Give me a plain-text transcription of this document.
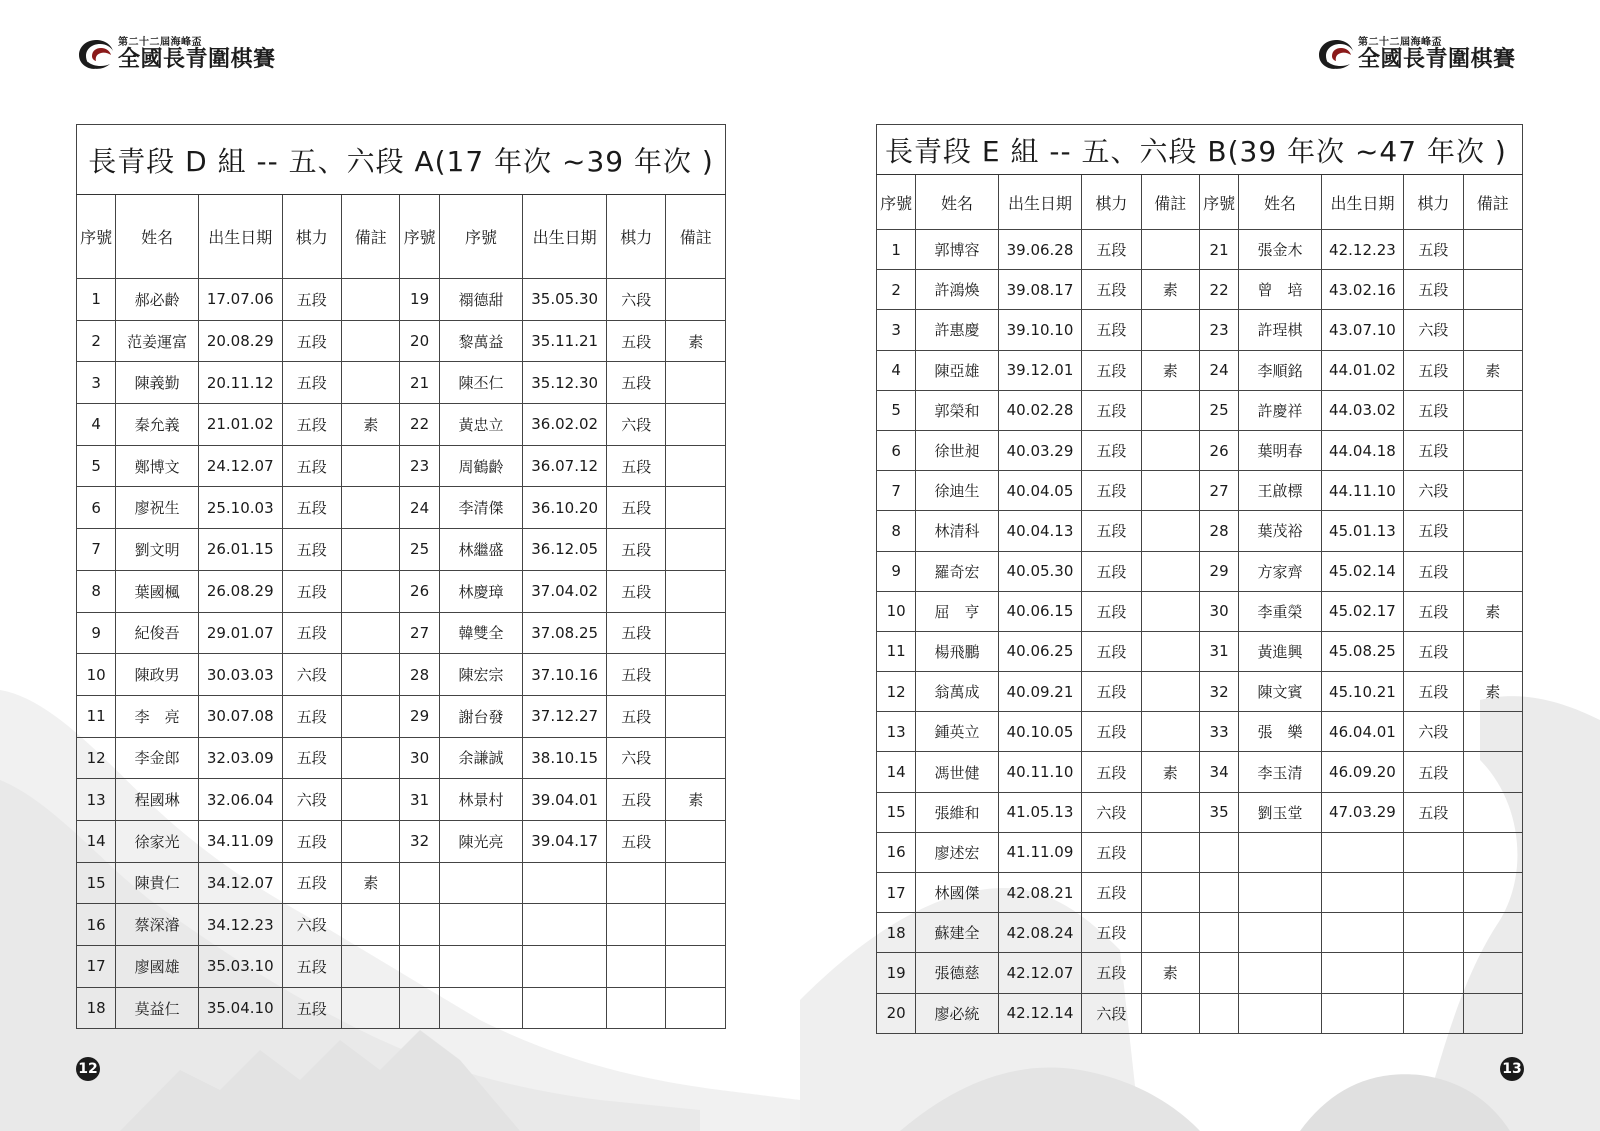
第二十二屆海峰盃
全國長青圍棋賽
長青段 D 組 -- 五、六段 A(17 年次 ~39 年次 )									
序號	姓名	出生日期	棋力	備註	序號	序號	出生日期	棋力	備註
1	郝必齡	17.07.06	五段		19	禤德甜	35.05.30	六段	
2	范姜運富	20.08.29	五段		20	黎萬益	35.11.21	五段	素
3	陳義勤	20.11.12	五段		21	陳丕仁	35.12.30	五段	
4	秦允義	21.01.02	五段	素	22	黃忠立	36.02.02	六段	
5	鄭博文	24.12.07	五段		23	周鶴齡	36.07.12	五段	
6	廖祝生	25.10.03	五段		24	李清傑	36.10.20	五段	
7	劉文明	26.01.15	五段		25	林繼盛	36.12.05	五段	
8	葉國楓	26.08.29	五段		26	林慶璋	37.04.02	五段	
9	紀俊吾	29.01.07	五段		27	韓雙全	37.08.25	五段	
10	陳政男	30.03.03	六段		28	陳宏宗	37.10.16	五段	
11	李　亮	30.07.08	五段		29	謝台發	37.12.27	五段	
12	李金郎	32.03.09	五段		30	余謙誠	38.10.15	六段	
13	程國琳	32.06.04	六段		31	林景村	39.04.01	五段	素
14	徐家光	34.11.09	五段		32	陳光亮	39.04.17	五段	
15	陳貴仁	34.12.07	五段	素					
16	蔡深濬	34.12.23	六段						
17	廖國雄	35.03.10	五段						
18	莫益仁	35.04.10	五段						
12
第二十二屆海峰盃
全國長青圍棋賽
長青段 E 組 -- 五、六段 B(39 年次 ~47 年次 )									
序號	姓名	出生日期	棋力	備註	序號	姓名	出生日期	棋力	備註
1	郭博容	39.06.28	五段		21	張金木	42.12.23	五段	
2	許鴻煥	39.08.17	五段	素	22	曾　培	43.02.16	五段	
3	許惠慶	39.10.10	五段		23	許珵棋	43.07.10	六段	
4	陳亞雄	39.12.01	五段	素	24	李順銘	44.01.02	五段	素
5	郭榮和	40.02.28	五段		25	許慶祥	44.03.02	五段	
6	徐世昶	40.03.29	五段		26	葉明春	44.04.18	五段	
7	徐迪生	40.04.05	五段		27	王啟標	44.11.10	六段	
8	林清科	40.04.13	五段		28	葉茂裕	45.01.13	五段	
9	羅奇宏	40.05.30	五段		29	方家齊	45.02.14	五段	
10	屈　亨	40.06.15	五段		30	李重榮	45.02.17	五段	素
11	楊飛鵬	40.06.25	五段		31	黃進興	45.08.25	五段	
12	翁萬成	40.09.21	五段		32	陳文賓	45.10.21	五段	素
13	鍾英立	40.10.05	五段		33	張　樂	46.04.01	六段	
14	馮世健	40.11.10	五段	素	34	李玉清	46.09.20	五段	
15	張維和	41.05.13	六段		35	劉玉堂	47.03.29	五段	
16	廖述宏	41.11.09	五段						
17	林國傑	42.08.21	五段						
18	蘇建全	42.08.24	五段						
19	張德慈	42.12.07	五段	素					
20	廖必統	42.12.14	六段						
13
